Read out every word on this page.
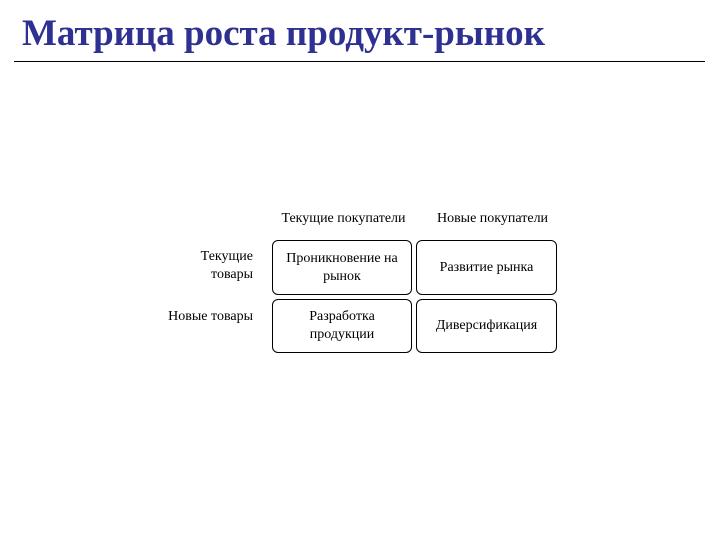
Матрица роста продукт-рынок
Текущие покупатели	Новые покупатели
Текущие товары
Новые товары
Проникновение на рынок
Развитие рынка
Разработка продукции
Диверсификация
